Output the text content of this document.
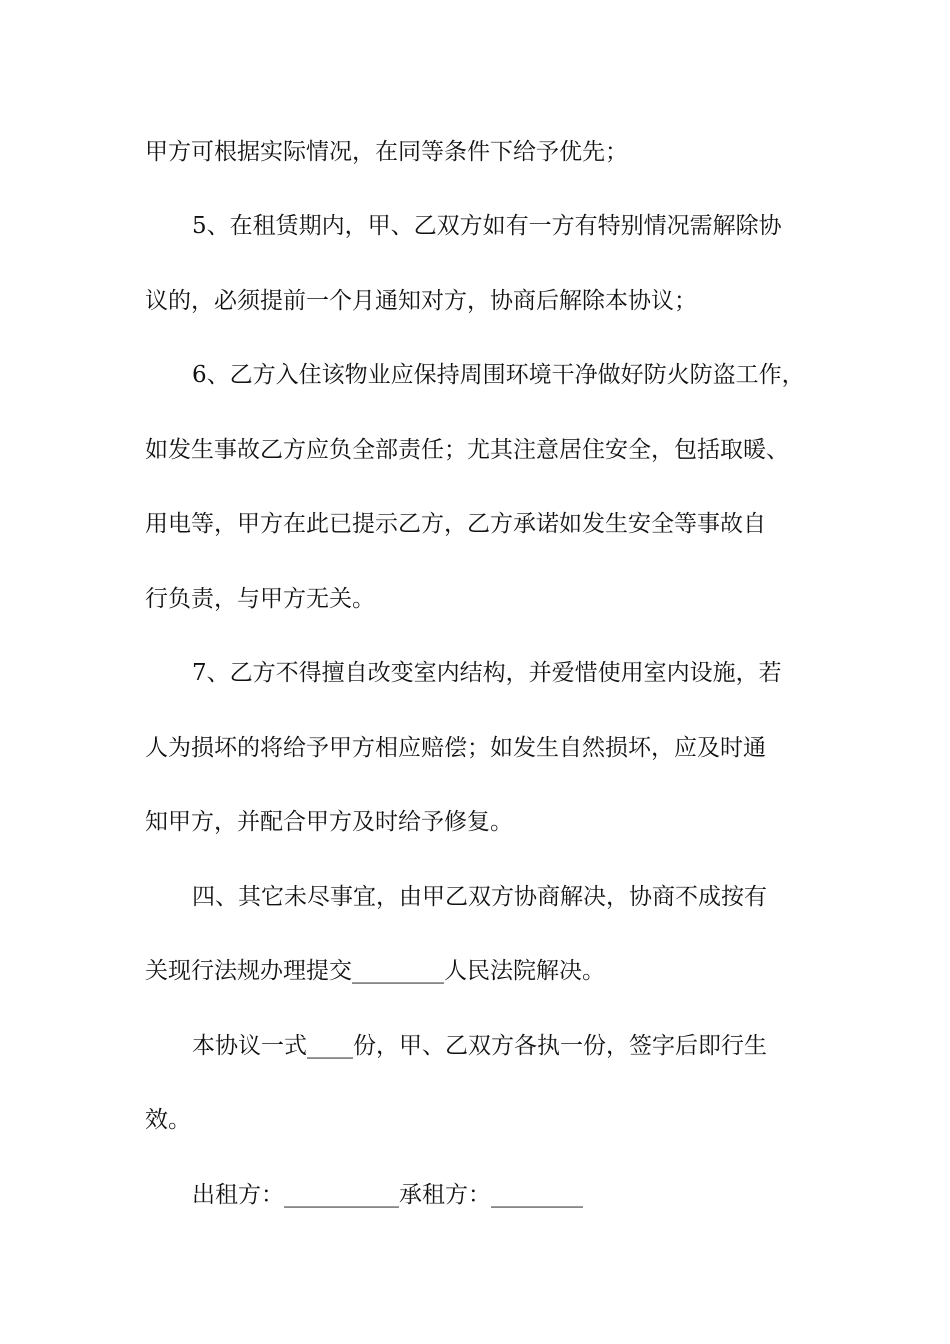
甲方可根据实际情况，在同等条件下给予优先；

5、在租赁期内，甲、乙双方如有一方有特别情况需解除协

议的，必须提前一个月通知对方，协商后解除本协议；

6、乙方入住该物业应保持周围环境干净做好防火防盗工作，

如发生事故乙方应负全部责任；尤其注意居住安全，包括取暖、

用电等，甲方在此已提示乙方，乙方承诺如发生安全等事故自

行负责，与甲方无关。

7、乙方不得擅自改变室内结构，并爱惜使用室内设施，若

人为损坏的将给予甲方相应赔偿；如发生自然损坏，应及时通

知甲方，并配合甲方及时给予修复。

四、其它未尽事宜，由甲乙双方协商解决，协商不成按有

关现行法规办理提交________人民法院解决。

本协议一式____份，甲、乙双方各执一份，签字后即行生

效。

出租方：__________承租方：________
